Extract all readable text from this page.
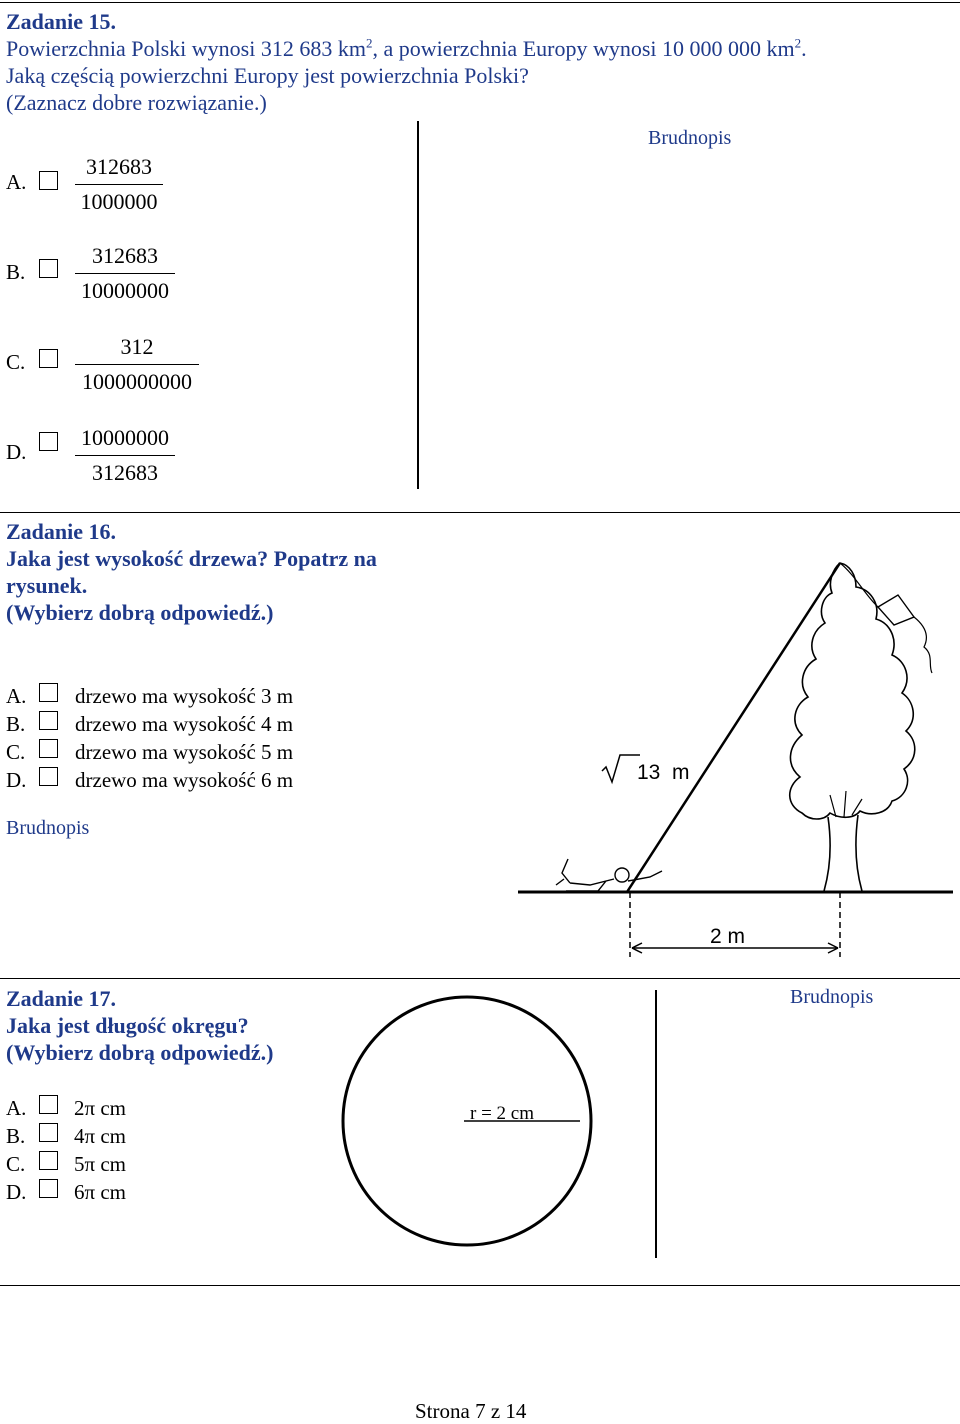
Zadanie 15.
Powierzchnia Polski wynosi 312 683 $km^2$, a powierzchnia Europy wynosi 10 000 000 $km^2$.
Jaką częścią powierzchni Europy jest powierzchnia Polski?
(Zaznacz dobre rozwiązanie.)
A.
312683
1000000
B.
312683
10000000
C.
312
1000000000
D.
10000000
312683
Brudnopis
Zadanie 16.
Jaka jest wysokość drzewa? Popatrz na
rysunek.
(Wybierz dobrą odpowiedź.)
A. drzewo ma wysokość 3 m
B. drzewo ma wysokość 4 m
C. drzewo ma wysokość 5 m
D. drzewo ma wysokość 6 m
Brudnopis
13 m
2 m
Zadanie 17.
Jaka jest długość okręgu?
(Wybierz dobrą odpowiedź.)
A. 2π cm
B. 4π cm
C. 5π cm
D. 6π cm
r = 2 cm
Brudnopis
Strona 7 z 14
